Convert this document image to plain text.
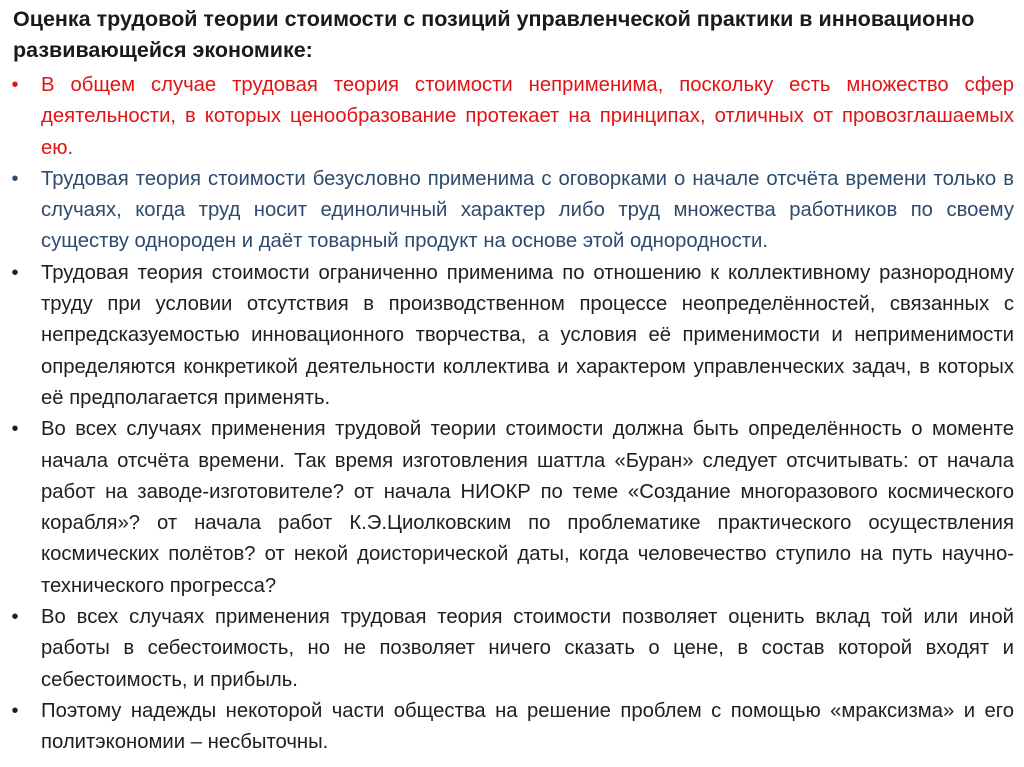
Оценка трудовой теории стоимости с позиций управленческой практики в инновационно развивающейся экономике:
•	В общем случае трудовая теория стоимости неприменима, поскольку есть множество сфер деятельности, в которых ценообразование протекает на принципах, отличных от провозглашаемых ею.
•	Трудовая теория стоимости безусловно применима с оговорками о начале отсчёта времени только в случаях, когда труд носит единоличный характер либо труд множества работников по своему существу однороден и даёт товарный продукт на основе этой однородности.
•	Трудовая теория стоимости ограниченно применима по отношению к коллективному разнородному труду при условии отсутствия в производственном процессе неопределённостей, связанных с непредсказуемостью инновационного творчества, а условия её применимости и неприменимости определяются конкретикой деятельности коллектива и характером управленческих задач, в которых её предполагается применять.
•	Во всех случаях применения трудовой теории стоимости должна быть определённость о моменте начала отсчёта времени. Так время изготовления шаттла «Буран» следует отсчитывать: от начала работ на заводе-изготовителе? от начала НИОКР по теме «Создание многоразового космического корабля»? от начала работ К.Э.Циолковским по проблематике практического осуществления космических полётов? от некой доисторической даты, когда человечество ступило на путь научно-технического прогресса?
•	Во всех случаях применения трудовая теория стоимости позволяет оценить вклад той или иной работы в себестоимость, но не позволяет ничего сказать о цене, в состав которой входят и себестоимость, и прибыль.
•	Поэтому надежды некоторой части общества на решение проблем с помощью «мраксизма» и его политэкономии – несбыточны.
